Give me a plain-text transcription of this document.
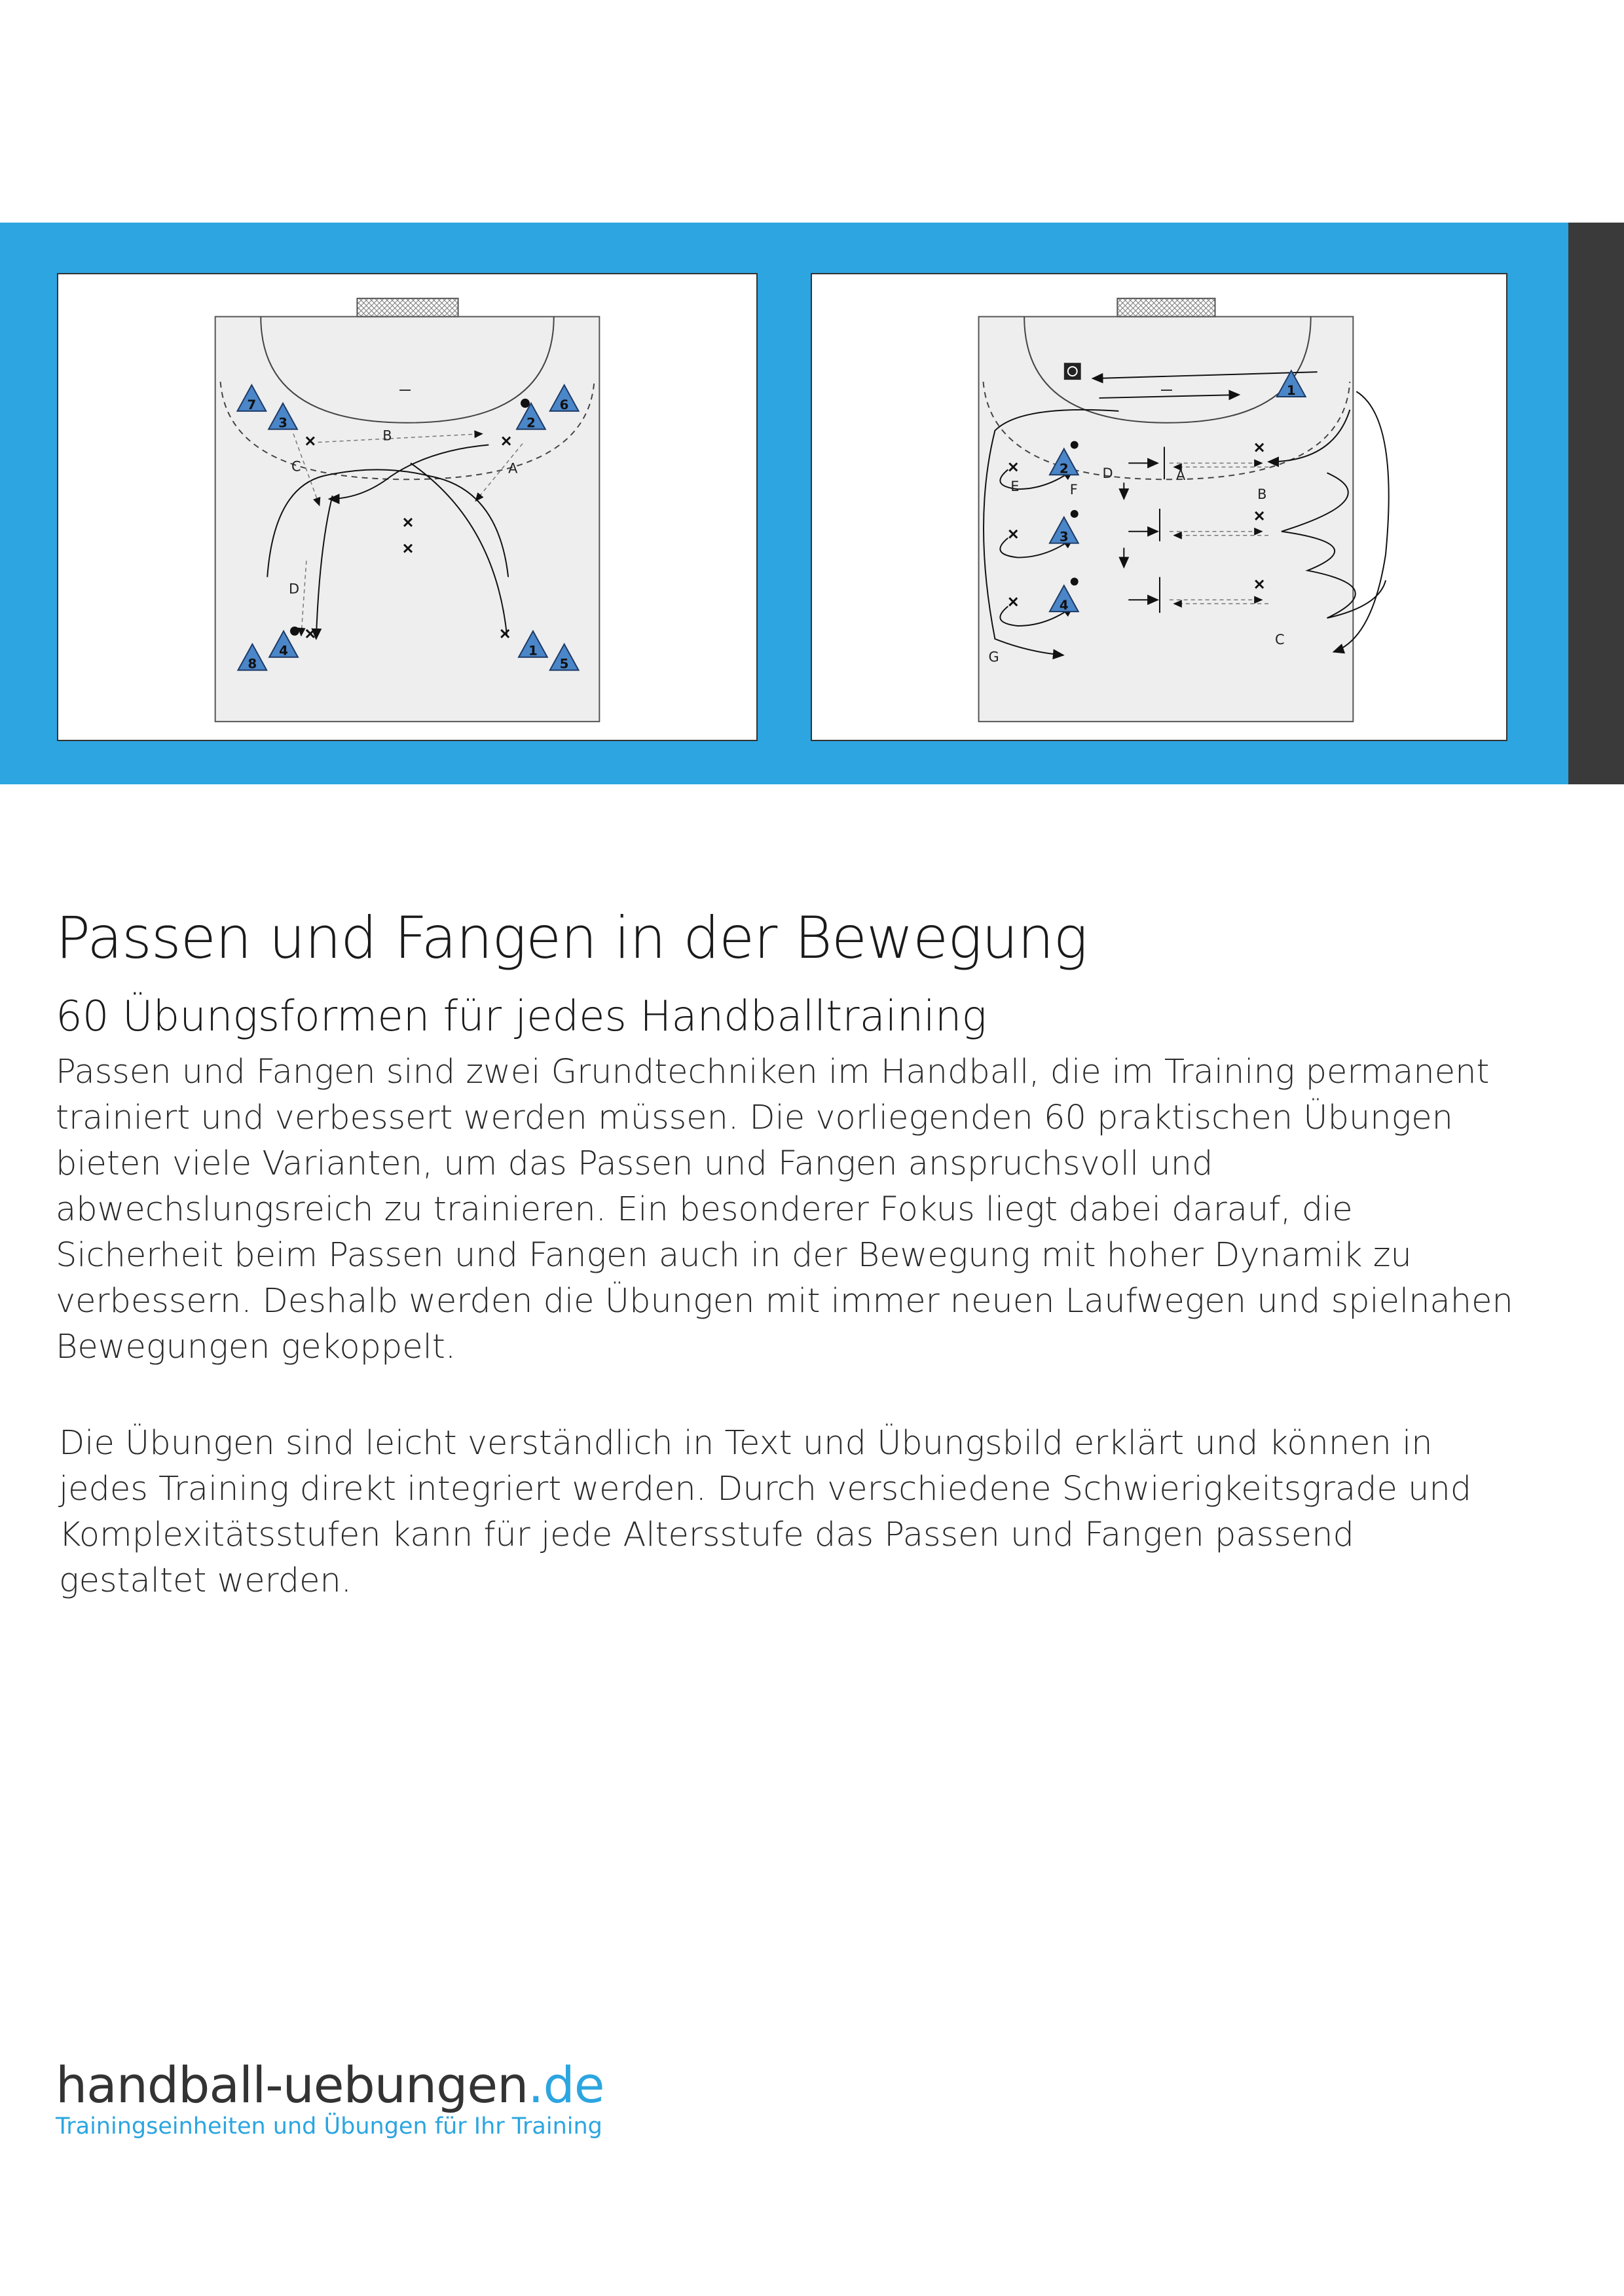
A
B
C
D
7
3	2
6
4
8
1
5
A
B
C
D
E	F
G
1
2
3
4
Passen und Fangen in der Bewegung
60 Übungsformen für jedes Handballtraining

Passen und Fangen sind zwei Grundtechniken im Handball, die im Training permanent
trainiert und verbessert werden müssen. Die vorliegenden 60 praktischen Übungen
bieten viele Varianten, um das Passen und Fangen anspruchsvoll und
abwechslungsreich zu trainieren. Ein besonderer Fokus liegt dabei darauf, die
Sicherheit beim Passen und Fangen auch in der Bewegung mit hoher Dynamik zu
verbessern. Deshalb werden die Übungen mit immer neuen Laufwegen und spielnahen
Bewegungen gekoppelt.

Die Übungen sind leicht verständlich in Text und Übungsbild erklärt und können in
jedes Training direkt integriert werden. Durch verschiedene Schwierigkeitsgrade und
Komplexitätsstufen kann für jede Altersstufe das Passen und Fangen passend
gestaltet werden.

handball-uebungen.de
Trainingseinheiten und Übungen für Ihr Training
